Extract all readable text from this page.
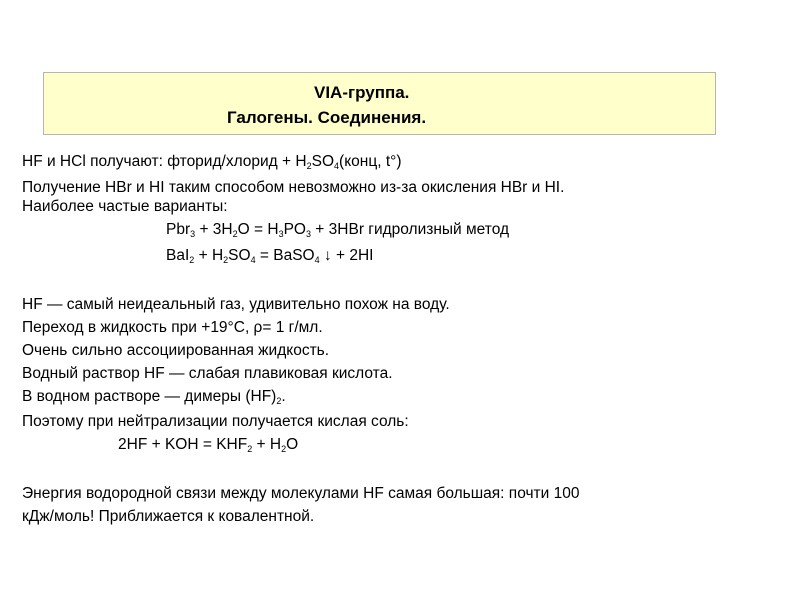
VIA-группа.
Галогены. Соединения.
HF и HCl получают: фторид/хлорид + $H_2SO_4(конц$, t°)
Получение HBr и HI таким способом невозможно из-за окисления HBr и HI.
Наиболее частые варианты:
$Pbr_3 + 3H_2O = H_3PO_3 + 3HBr$ гидролизный метод
$BaI_2 + H_2SO_4$ = BaSO$_4$ ↓ + 2HI
HF — самый неидеальный газ, удивительно похож на воду.
Переход в жидкость при +19°С, ρ= 1 г/мл.
Очень сильно ассоциированная жидкость.
Водный раствор HF — слабая плавиковая кислота.
В водном растворе — димеры $(HF)_2$.
Поэтому при нейтрализации получается кислая соль:
2HF + KOH = $KHF_2 + H_2O$
Энергия водородной связи между молекулами HF самая большая: почти 100
кДж/моль! Приближается к ковалентной.
